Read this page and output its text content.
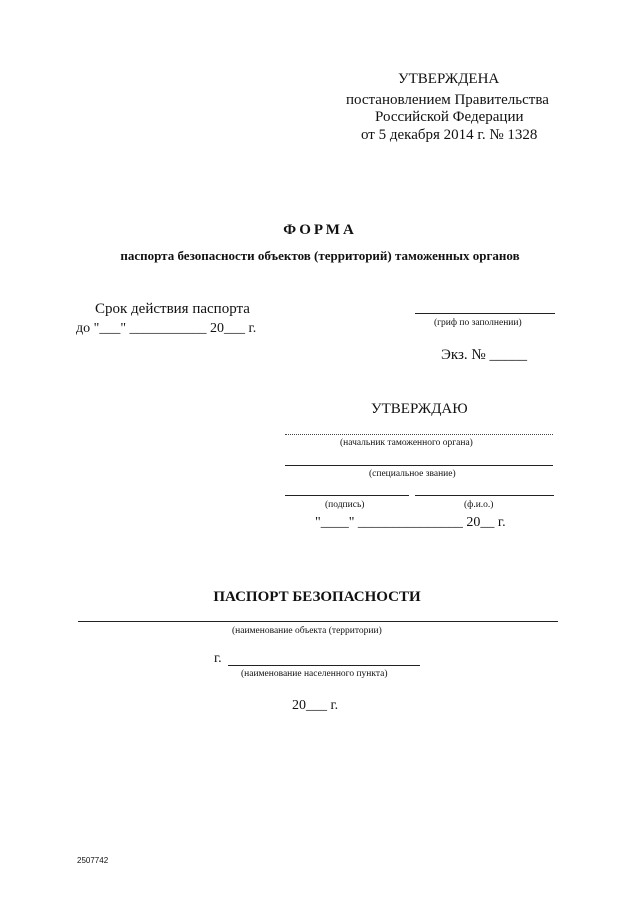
УТВЕРЖДЕНА
постановлением Правительства
Российской Федерации
от 5 декабря 2014 г. № 1328
ФОРМА
паспорта безопасности объектов (территорий) таможенных органов
Срок действия паспорта
до "___" ___________ 20___ г.	(гриф по заполнении)
Экз. № _____
УТВЕРЖДАЮ
(начальник таможенного органа)
(специальное звание)
(подпись)	(ф.и.о.)
"____" _______________ 20__ г.
ПАСПОРТ БЕЗОПАСНОСТИ
(наименование объекта (территории)
г.
(наименование населенного пункта)
20___ г.
2507742
